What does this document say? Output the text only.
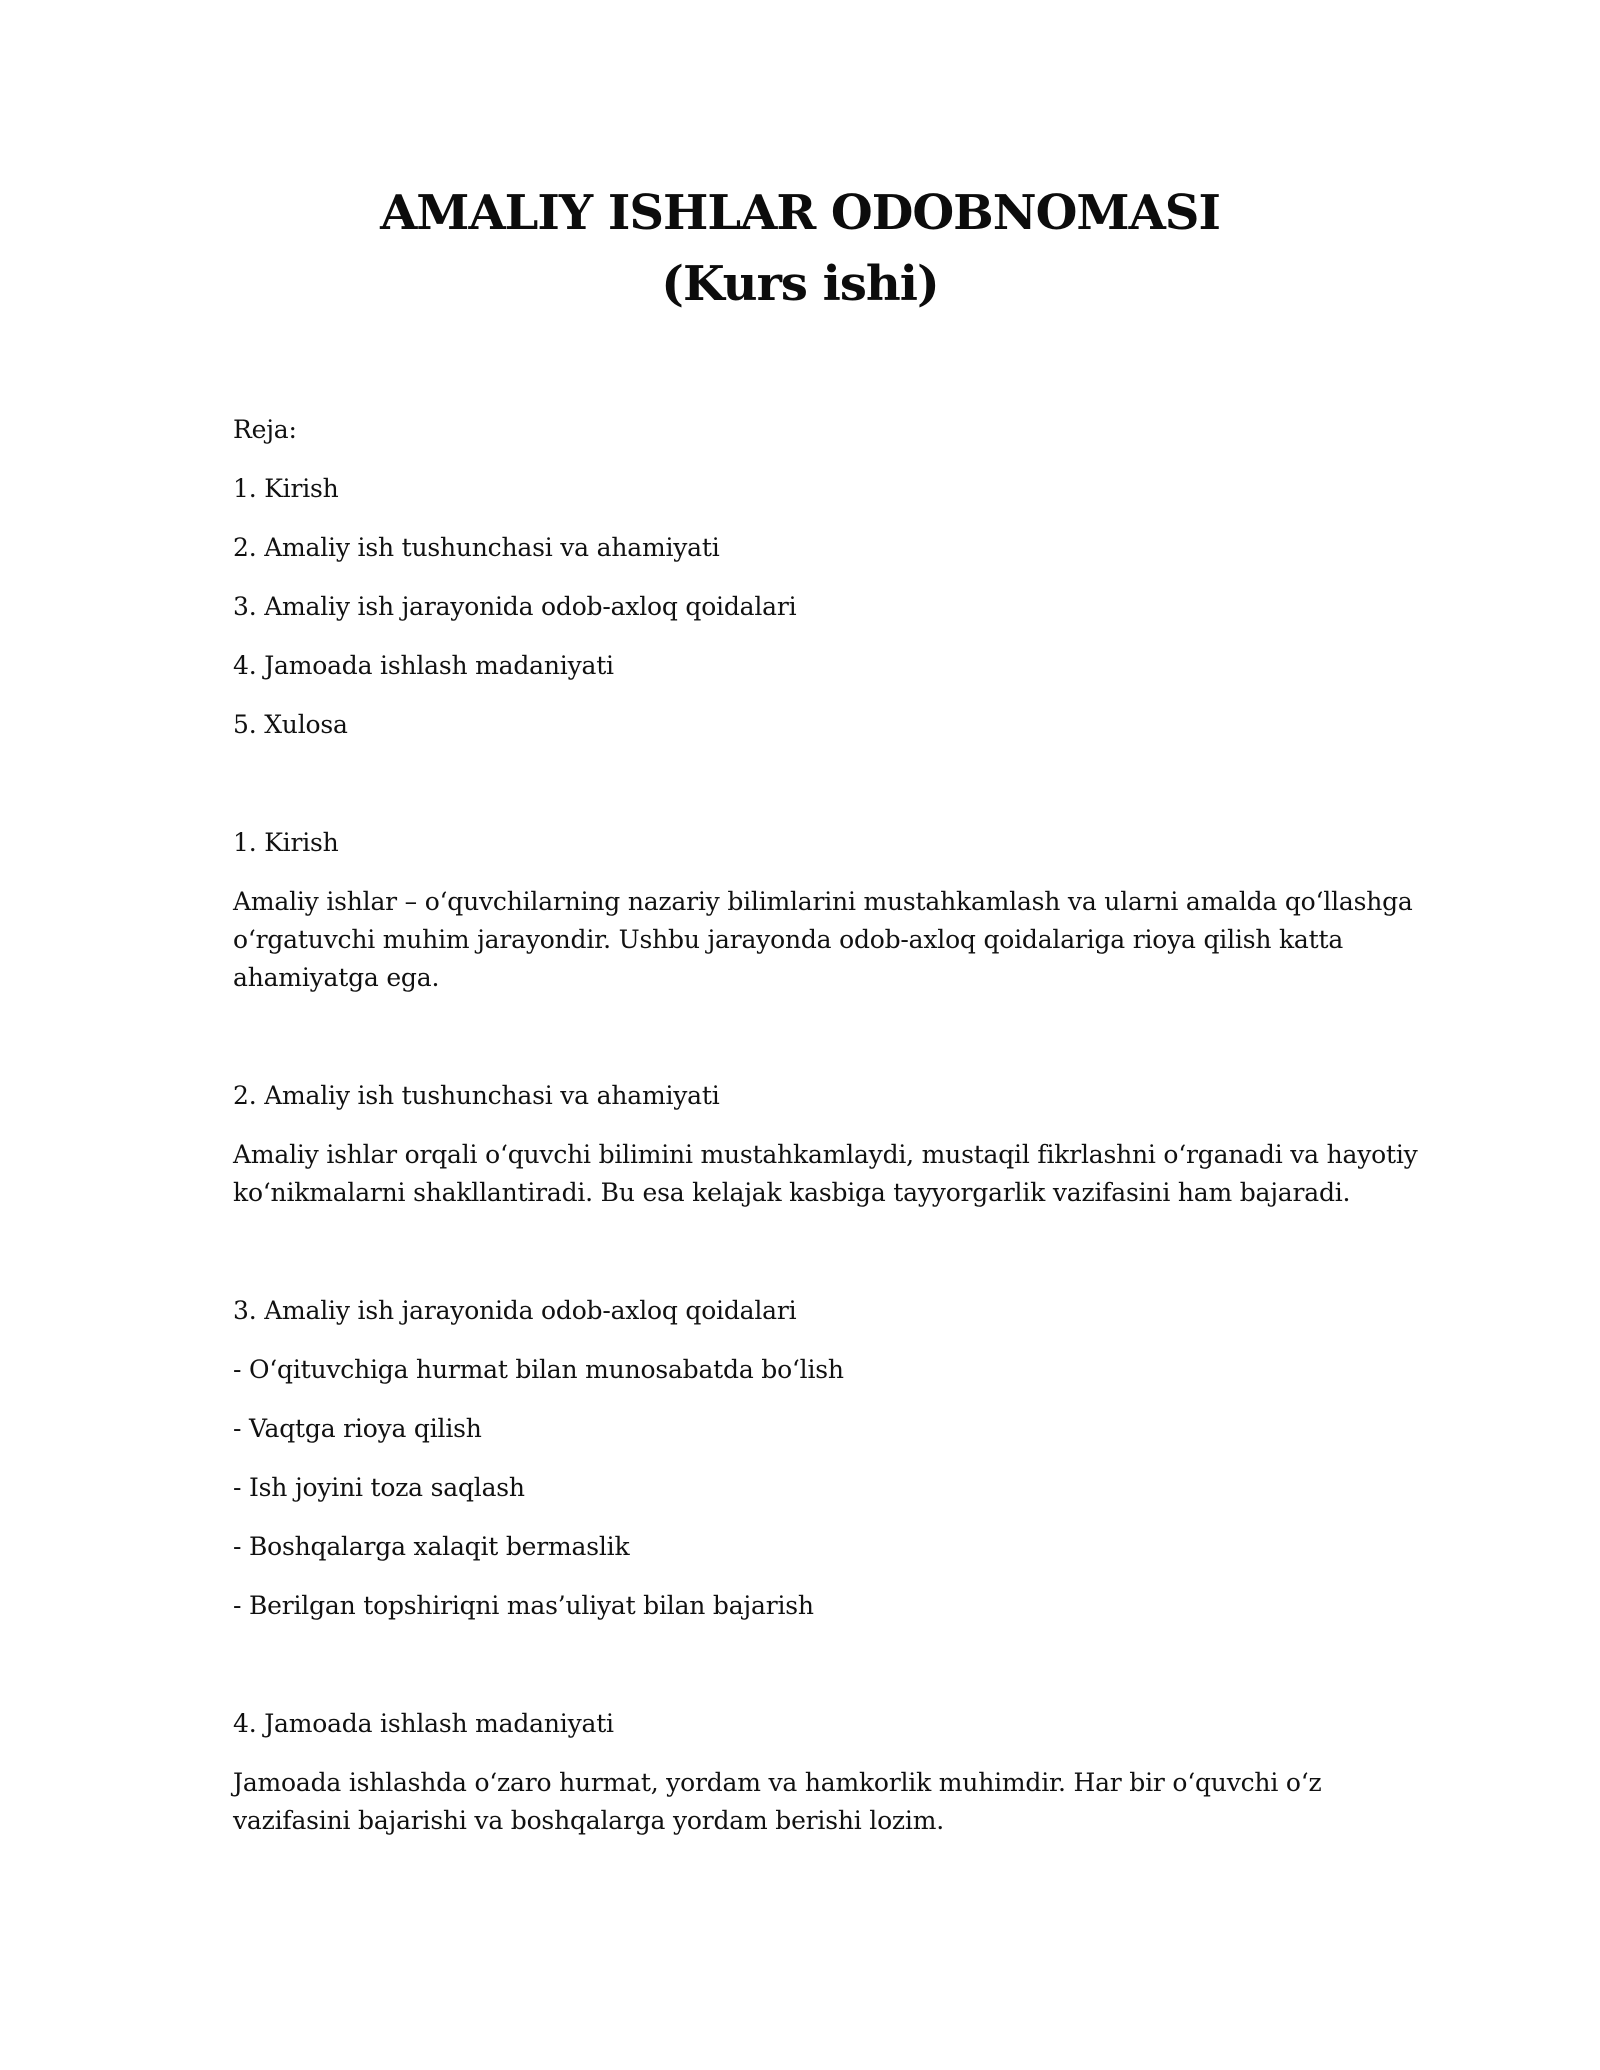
AMALIY ISHLAR ODOBNOMASI
(Kurs ishi)
Reja:
1. Kirish
2. Amaliy ish tushunchasi va ahamiyati
3. Amaliy ish jarayonida odob-axloq qoidalari
4. Jamoada ishlash madaniyati
5. Xulosa
1. Kirish
Amaliy ishlar – o‘quvchilarning nazariy bilimlarini mustahkamlash va ularni amalda qo‘llashga
o‘rgatuvchi muhim jarayondir. Ushbu jarayonda odob-axloq qoidalariga rioya qilish katta
ahamiyatga ega.
2. Amaliy ish tushunchasi va ahamiyati
Amaliy ishlar orqali o‘quvchi bilimini mustahkamlaydi, mustaqil fikrlashni o‘rganadi va hayotiy
ko‘nikmalarni shakllantiradi. Bu esa kelajak kasbiga tayyorgarlik vazifasini ham bajaradi.
3. Amaliy ish jarayonida odob-axloq qoidalari
- O‘qituvchiga hurmat bilan munosabatda bo‘lish
- Vaqtga rioya qilish
- Ish joyini toza saqlash
- Boshqalarga xalaqit bermaslik
- Berilgan topshiriqni mas’uliyat bilan bajarish
4. Jamoada ishlash madaniyati
Jamoada ishlashda o‘zaro hurmat, yordam va hamkorlik muhimdir. Har bir o‘quvchi o‘z
vazifasini bajarishi va boshqalarga yordam berishi lozim.
